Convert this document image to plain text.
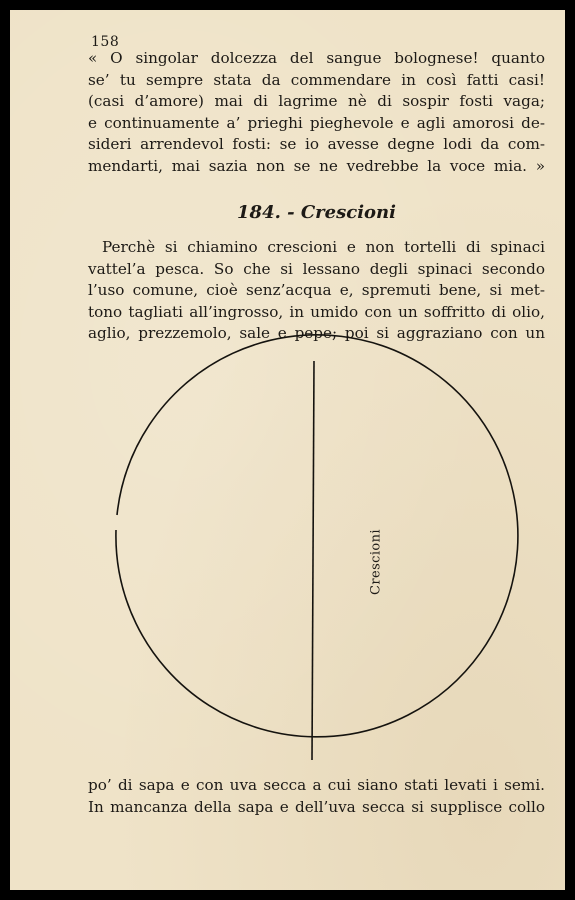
158
« O singolar dolcezza del sangue bolognese! quanto
se’ tu sempre stata da commendare in così fatti casi!
(casi d’amore) mai di lagrime nè di sospir fosti vaga;
e continuamente a’ prieghi pieghevole e agli amorosi de-
sideri arrendevol fosti: se io avesse degne lodi da com-
mendarti, mai sazia non se ne vedrebbe la voce mia. »
184. - Crescioni
Perchè si chiamino crescioni e non tortelli di spinaci
vattel’a pesca. So che si lessano degli spinaci secondo
l’uso comune, cioè senz’acqua e, spremuti bene, si met-
tono tagliati all’ingrosso, in umido con un soffritto di olio,
aglio, prezzemolo, sale e pepe; poi si aggraziano con un
Crescioni
po’ di sapa e con uva secca a cui siano stati levati i semi.
In mancanza della sapa e dell’uva secca si supplisce collo
